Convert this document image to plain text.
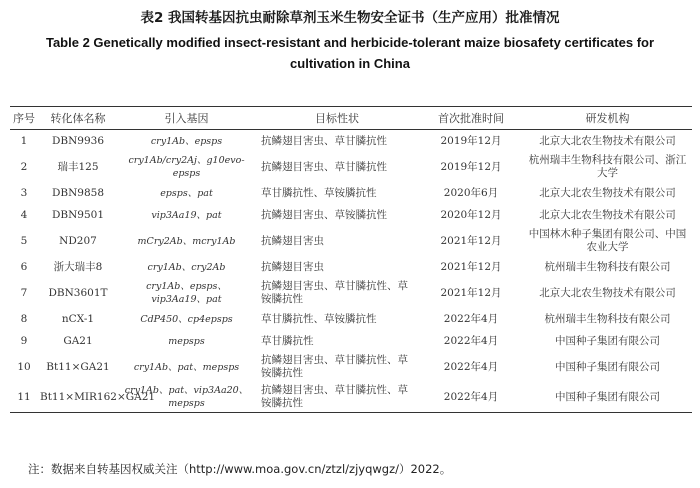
表2 我国转基因抗虫耐除草剂玉米生物安全证书（生产应用）批准情况
Table 2 Genetically modified insect-resistant and herbicide-tolerant maize biosafety certificates for cultivation in China
序号	转化体名称	引入基因	目标性状	首次批准时间	研发机构
1	DBN9936	cry1Ab、epsps	抗鳞翅目害虫、草甘膦抗性	2019年12月	北京大北农生物技术有限公司
2	瑞丰125	cry1Ab/cry2Aj、g10evo-epsps	抗鳞翅目害虫、草甘膦抗性	2019年12月	杭州瑞丰生物科技有限公司、浙江大学
3	DBN9858	epsps、pat	草甘膦抗性、草铵膦抗性	2020年6月	北京大北农生物技术有限公司
4	DBN9501	vip3Aa19、pat	抗鳞翅目害虫、草铵膦抗性	2020年12月	北京大北农生物技术有限公司
5	ND207	mCry2Ab、mcry1Ab	抗鳞翅目害虫	2021年12月	中国林木种子集团有限公司、中国农业大学
6	浙大瑞丰8	cry1Ab、cry2Ab	抗鳞翅目害虫	2021年12月	杭州瑞丰生物科技有限公司
7	DBN3601T	cry1Ab、epsps、vip3Aa19、pat	抗鳞翅目害虫、草甘膦抗性、草铵膦抗性	2021年12月	北京大北农生物技术有限公司
8	nCX-1	CdP450、cp4epsps	草甘膦抗性、草铵膦抗性	2022年4月	杭州瑞丰生物科技有限公司
9	GA21	mepsps	草甘膦抗性	2022年4月	中国种子集团有限公司
10	Bt11×GA21	cry1Ab、pat、mepsps	抗鳞翅目害虫、草甘膦抗性、草铵膦抗性	2022年4月	中国种子集团有限公司
11	Bt11×MIR162×GA21	cry1Ab、pat、vip3Aa20、mepsps	抗鳞翅目害虫、草甘膦抗性、草铵膦抗性	2022年4月	中国种子集团有限公司
注：数据来自转基因权威关注（http://www.moa.gov.cn/ztzl/zjyqwgz/）2022。
